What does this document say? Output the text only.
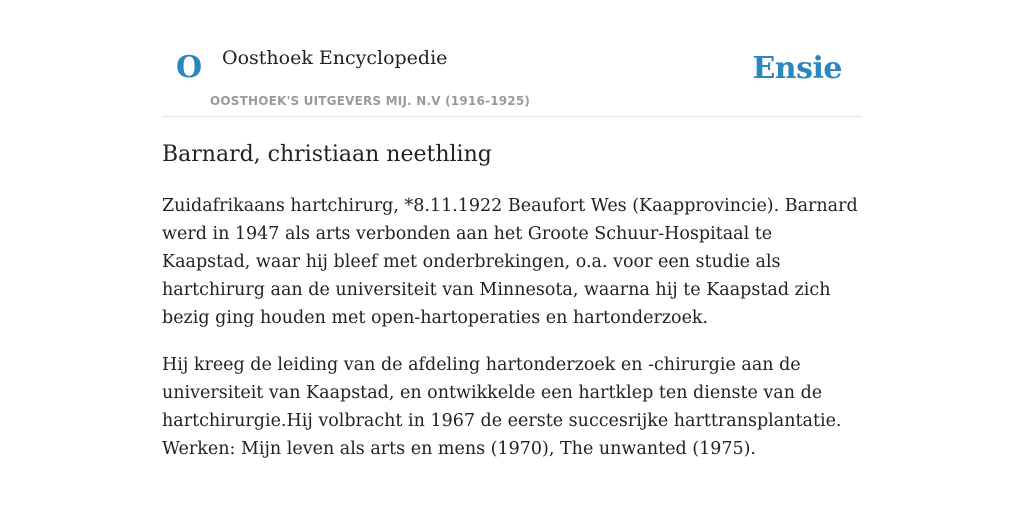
O Oosthoek Encyclopedie
OOSTHOEK'S UITGEVERS MIJ. N.V (1916-1925)
Ensie
Barnard, christiaan neethling

Zuidafrikaans hartchirurg, *8.11.1922 Beaufort Wes (Kaapprovincie). Barnard werd in 1947 als arts verbonden aan het Groote Schuur-Hospitaal te Kaapstad, waar hij bleef met onderbrekingen, o.a. voor een studie als hartchirurg aan de universiteit van Minnesota, waarna hij te Kaapstad zich bezig ging houden met open-hartoperaties en hartonderzoek.

Hij kreeg de leiding van de afdeling hartonderzoek en -chirurgie aan de universiteit van Kaapstad, en ontwikkelde een hartklep ten dienste van de hartchirurgie.Hij volbracht in 1967 de eerste succesrijke harttransplantatie. Werken: Mijn leven als arts en mens (1970), The unwanted (1975).
